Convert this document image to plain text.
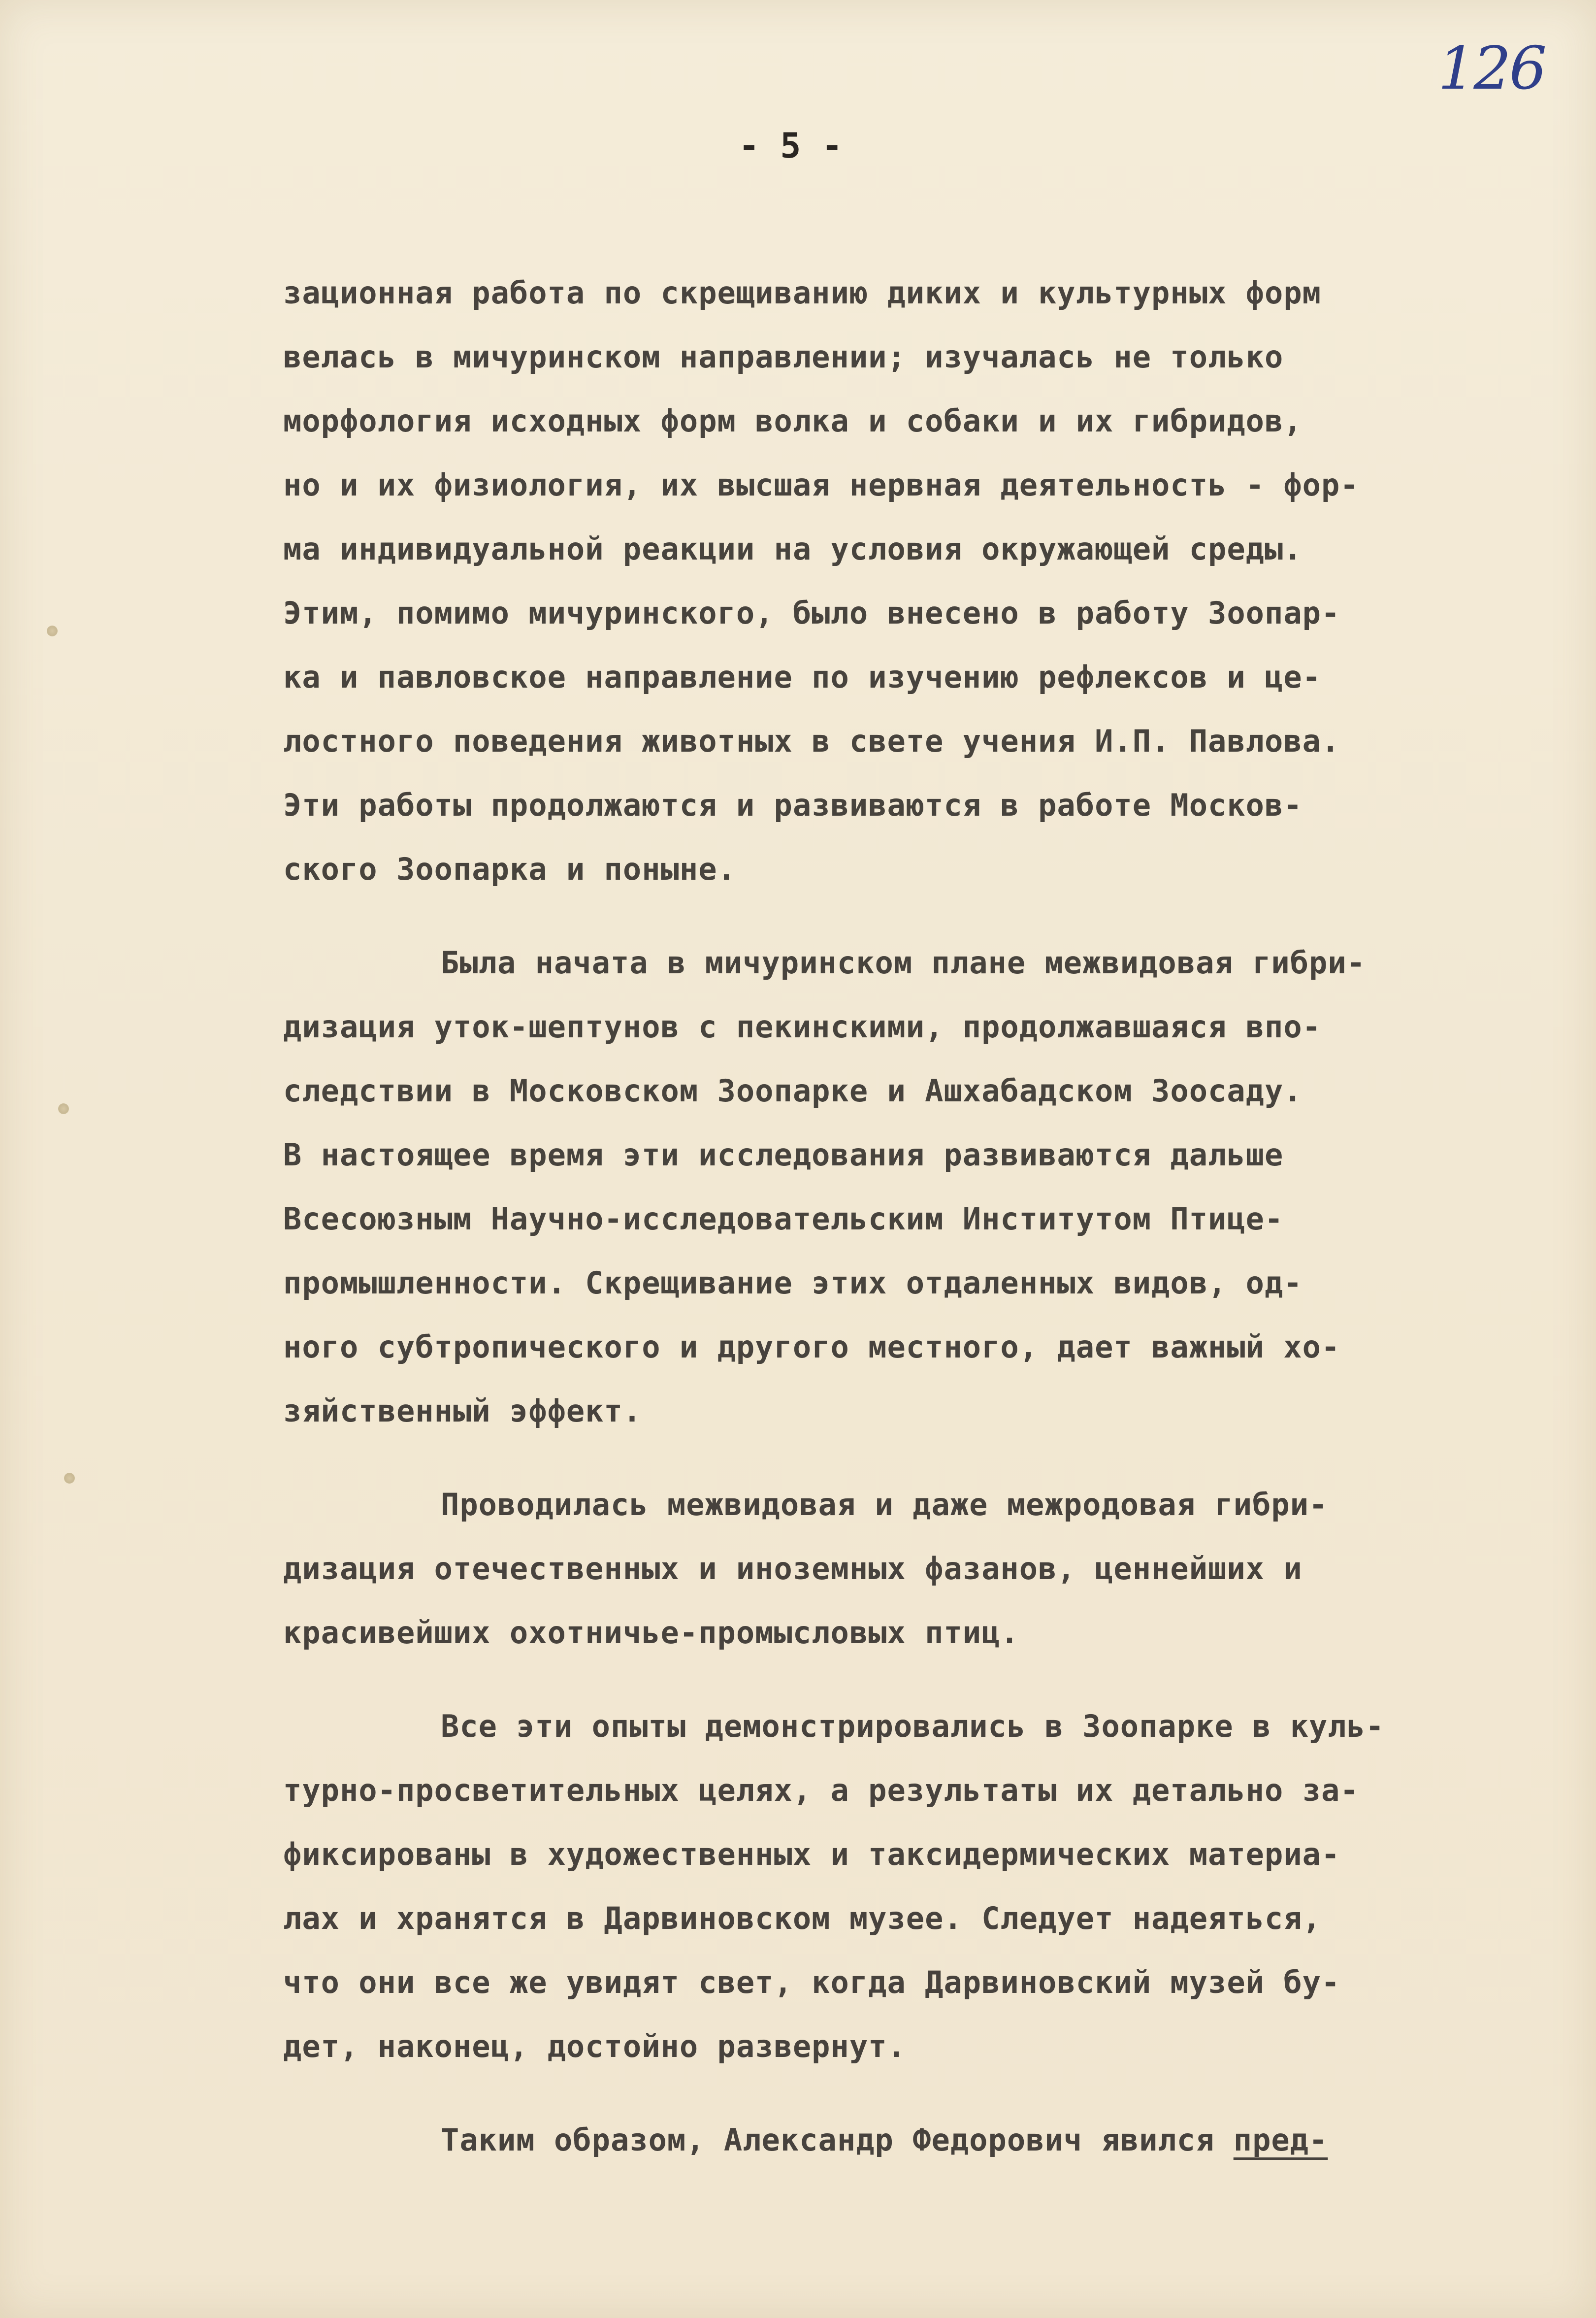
126
- 5 -
зационная работа по скрещиванию диких и культурных форм
велась в мичуринском направлении; изучалась не только
морфология исходных форм волка и собаки и их гибридов,
но и их физиология, их высшая нервная деятельность - фор-
ма индивидуальной реакции на условия окружающей среды.
Этим, помимо мичуринского, было внесено в работу Зоопар-
ка и павловское направление по изучению рефлексов и це-
лостного поведения животных в свете учения И.П. Павлова.
Эти работы продолжаются и развиваются в работе Москов-
ского Зоопарка и поныне.
Была начата в мичуринском плане межвидовая гибри-
дизация уток-шептунов с пекинскими, продолжавшаяся впо-
следствии в Московском Зоопарке и Ашхабадском Зоосаду.
В настоящее время эти исследования развиваются дальше
Всесоюзным Научно-исследовательским Институтом Птице-
промышленности. Скрещивание этих отдаленных видов, од-
ного субтропического и другого местного, дает важный хо-
зяйственный эффект.
Проводилась межвидовая и даже межродовая гибри-
дизация отечественных и иноземных фазанов, ценнейших и
красивейших охотничье-промысловых птиц.
Все эти опыты демонстрировались в Зоопарке в куль-
турно-просветительных целях, а результаты их детально за-
фиксированы в художественных и таксидермических материа-
лах и хранятся в Дарвиновском музее. Следует надеяться,
что они все же увидят свет, когда Дарвиновский музей бу-
дет, наконец, достойно развернут.
Таким образом, Александр Федорович явился пред-
